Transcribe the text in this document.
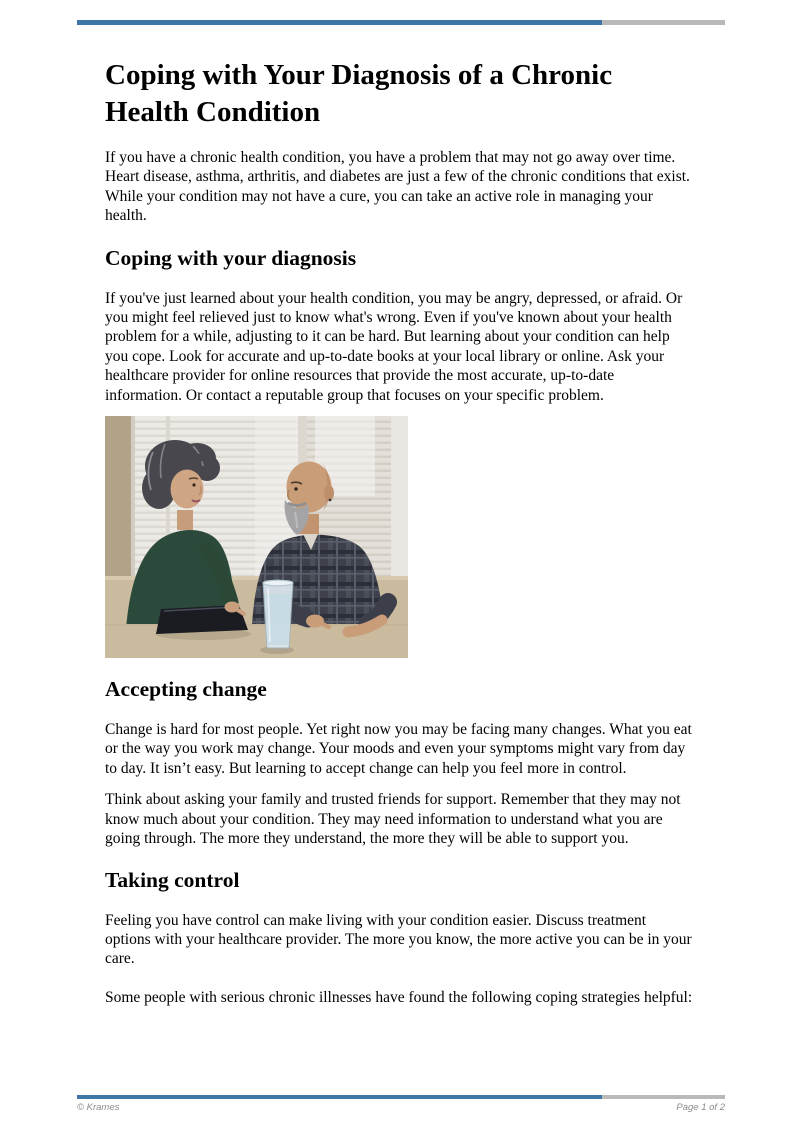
Coping with Your Diagnosis of a Chronic Health Condition

If you have a chronic health condition, you have a problem that may not go away over time. Heart disease, asthma, arthritis, and diabetes are just a few of the chronic conditions that exist. While your condition may not have a cure, you can take an active role in managing your health.

Coping with your diagnosis

If you've just learned about your health condition, you may be angry, depressed, or afraid. Or you might feel relieved just to know what's wrong. Even if you've known about your health problem for a while, adjusting to it can be hard. But learning about your condition can help you cope. Look for accurate and up-to-date books at your local library or online. Ask your healthcare provider for online resources that provide the most accurate, up-to-date information. Or contact a reputable group that focuses on your specific problem.

Accepting change

Change is hard for most people. Yet right now you may be facing many changes. What you eat or the way you work may change. Your moods and even your symptoms might vary from day to day. It isn’t easy. But learning to accept change can help you feel more in control.

Think about asking your family and trusted friends for support. Remember that they may not know much about your condition. They may need information to understand what you are going through. The more they understand, the more they will be able to support you.

Taking control

Feeling you have control can make living with your condition easier. Discuss treatment options with your healthcare provider. The more you know, the more active you can be in your care.

Some people with serious chronic illnesses have found the following coping strategies helpful:

© Krames	Page 1 of 2
